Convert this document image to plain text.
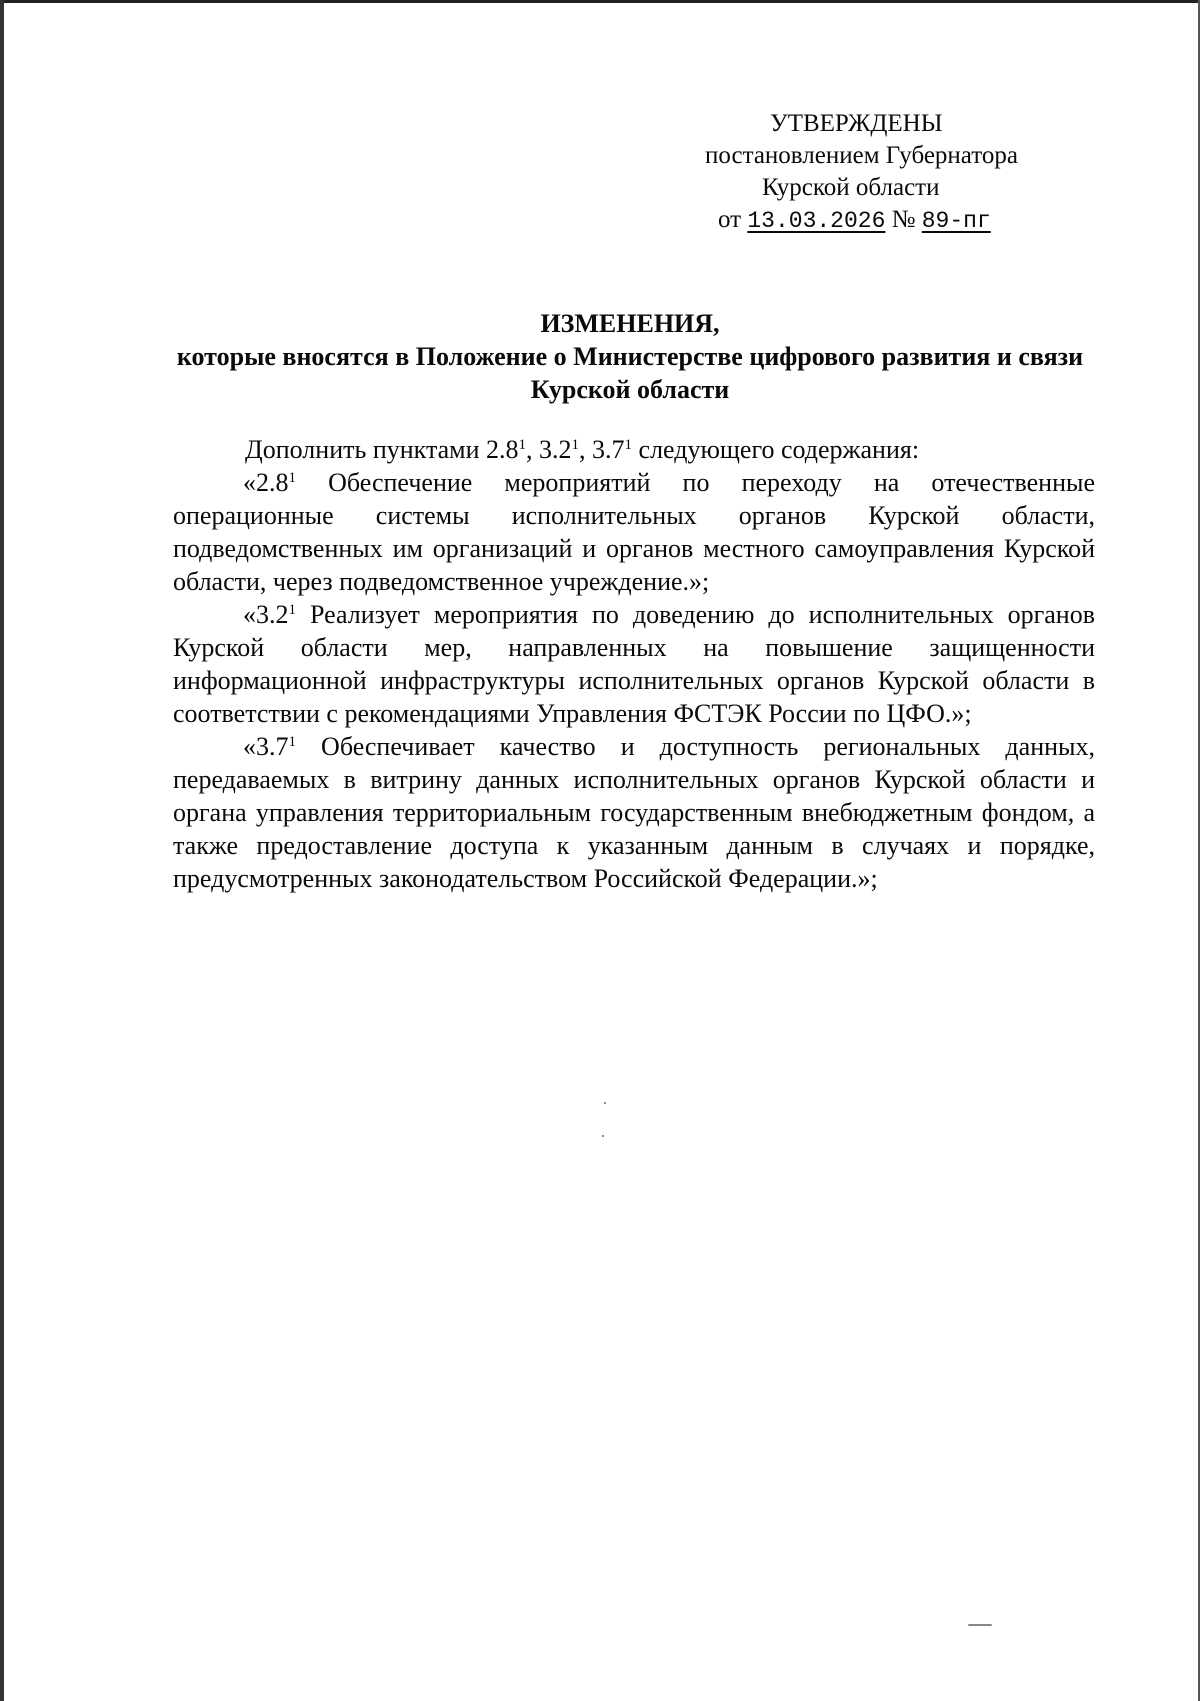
УТВЕРЖДЕНЫ
постановлением Губернатора
Курской области
от 13.03.2026 № 89-пг
ИЗМЕНЕНИЯ,
которые вносятся в Положение о Министерстве цифрового развития и связи Курской области

Дополнить пунктами $2.8^1$, $3.2^1$, $3.7^1$ следующего содержания:

«$2.8^1$ Обеспечение мероприятий по переходу на отечественные операционные системы исполнительных органов Курской области, подведомственных им организаций и органов местного самоуправления Курской области, через подведомственное учреждение.»;

«$3.2^1$ Реализует мероприятия по доведению до исполнительных органов Курской области мер, направленных на повышение защищенности информационной инфраструктуры исполнительных органов Курской области в соответствии с рекомендациями Управления ФСТЭК России по ЦФО.»;

«$3.7^1$ Обеспечивает качество и доступность региональных данных, передаваемых в витрину данных исполнительных органов Курской области и органа управления территориальным государственным внебюджетным фондом, а также предоставление доступа к указанным данным в случаях и порядке, предусмотренных законодательством Российской Федерации.»;
